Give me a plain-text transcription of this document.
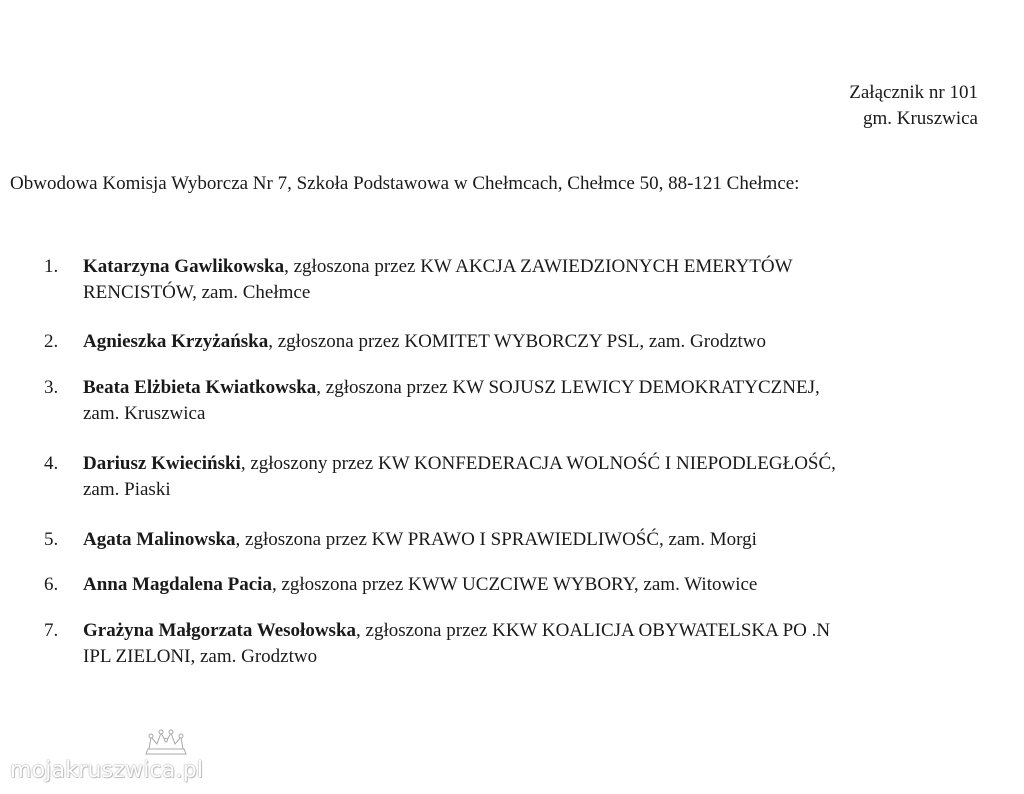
Załącznik nr 101
gm. Kruszwica
Obwodowa Komisja Wyborcza Nr 7, Szkoła Podstawowa w Chełmcach, Chełmce 50, 88-121 Chełmce:
1.	Katarzyna Gawlikowska, zgłoszona przez KW AKCJA ZAWIEDZIONYCH EMERYTÓW
RENCISTÓW, zam. Chełmce
2.	Agnieszka Krzyżańska, zgłoszona przez KOMITET WYBORCZY PSL, zam. Grodztwo
3.	Beata Elżbieta Kwiatkowska, zgłoszona przez KW SOJUSZ LEWICY DEMOKRATYCZNEJ,
zam. Kruszwica
4.	Dariusz Kwieciński, zgłoszony przez KW KONFEDERACJA WOLNOŚĆ I NIEPODLEGŁOŚĆ,
zam. Piaski
5.	Agata Malinowska, zgłoszona przez KW PRAWO I SPRAWIEDLIWOŚĆ, zam. Morgi
6.	Anna Magdalena Pacia, zgłoszona przez KWW UCZCIWE WYBORY, zam. Witowice
7.	Grażyna Małgorzata Wesołowska, zgłoszona przez KKW KOALICJA OBYWATELSKA PO .N
IPL ZIELONI, zam. Grodztwo
mojakruszwica.pl
